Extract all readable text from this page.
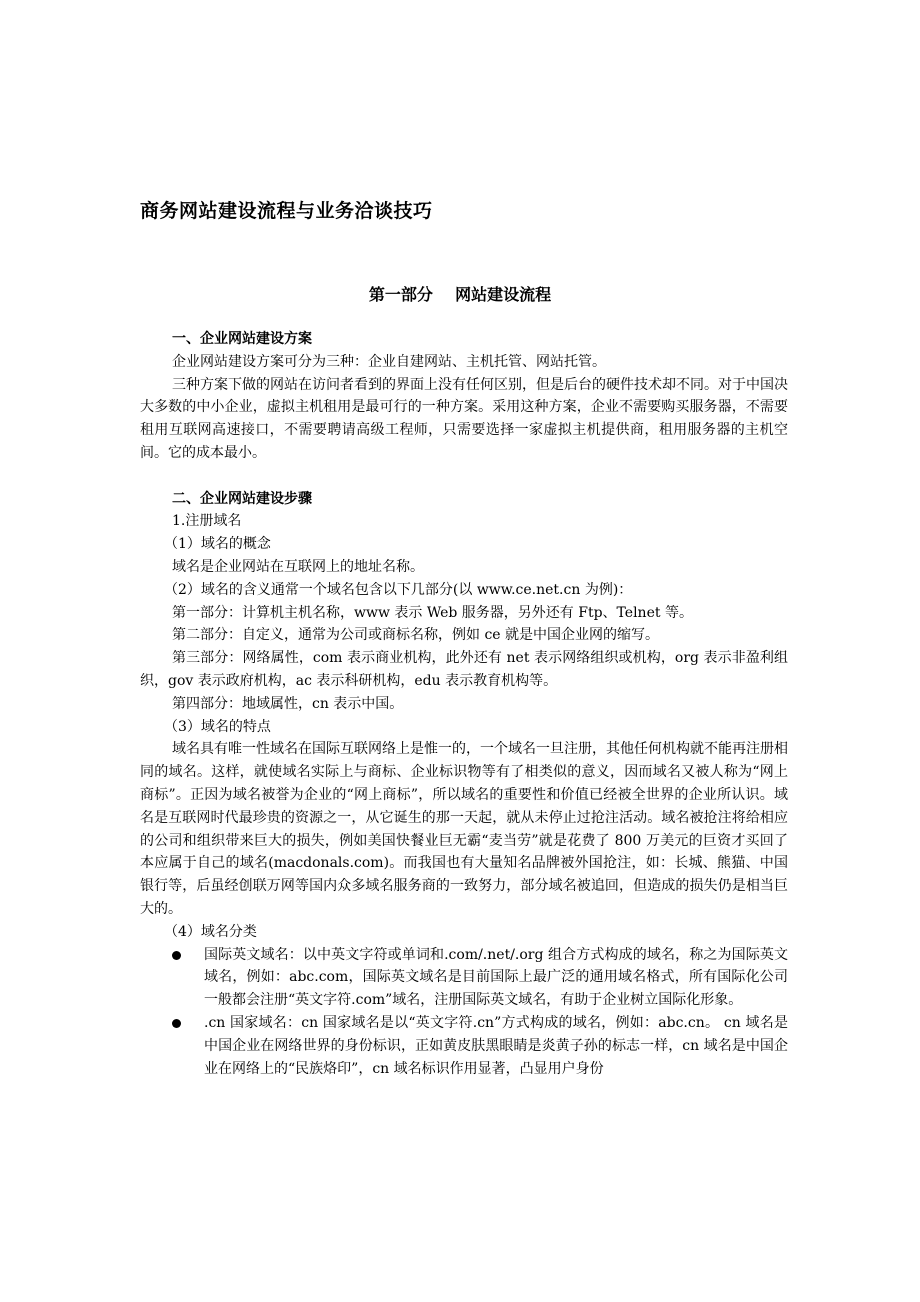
商务网站建设流程与业务洽谈技巧
第一部分    网站建设流程

一、企业网站建设方案

企业网站建设方案可分为三种：企业自建网站、主机托管、网站托管。

三种方案下做的网站在访问者看到的界面上没有任何区别，但是后台的硬件技术却不同。对于中国决大多数的中小企业，虚拟主机租用是最可行的一种方案。采用这种方案，企业不需要购买服务器，不需要租用互联网高速接口，不需要聘请高级工程师，只需要选择一家虚拟主机提供商，租用服务器的主机空间。它的成本最小。

二、企业网站建设步骤

1.注册域名

（1）域名的概念

域名是企业网站在互联网上的地址名称。

（2）域名的含义通常一个域名包含以下几部分(以 www.ce.net.cn 为例)：

第一部分：计算机主机名称，www 表示 Web 服务器，另外还有 Ftp、Telnet 等。

第二部分：自定义，通常为公司或商标名称，例如 ce 就是中国企业网的缩写。

第三部分：网络属性，com 表示商业机构，此外还有 net 表示网络组织或机构，org 表示非盈利组织，gov 表示政府机构，ac 表示科研机构，edu 表示教育机构等。

第四部分：地域属性，cn 表示中国。

（3）域名的特点

域名具有唯一性域名在国际互联网络上是惟一的，一个域名一旦注册，其他任何机构就不能再注册相同的域名。这样，就使域名实际上与商标、企业标识物等有了相类似的意义，因而域名又被人称为“网上商标”。正因为域名被誉为企业的“网上商标”，所以域名的重要性和价值已经被全世界的企业所认识。域名是互联网时代最珍贵的资源之一，从它诞生的那一天起，就从未停止过抢注活动。域名被抢注将给相应的公司和组织带来巨大的损失，例如美国快餐业巨无霸“麦当劳”就是花费了 800 万美元的巨资才买回了本应属于自己的域名(macdonals.com)。而我国也有大量知名品牌被外国抢注，如：长城、熊猫、中国银行等，后虽经创联万网等国内众多域名服务商的一致努力，部分域名被追回，但造成的损失仍是相当巨大的。

（4）域名分类

国际英文域名：以中英文字符或单词和.com/.net/.org 组合方式构成的域名，称之为国际英文域名，例如：abc.com，国际英文域名是目前国际上最广泛的通用域名格式，所有国际化公司一般都会注册“英文字符.com”域名，注册国际英文域名，有助于企业树立国际化形象。
.cn 国家域名：cn 国家域名是以“英文字符.cn”方式构成的域名，例如：abc.cn。 cn 域名是中国企业在网络世界的身份标识，正如黄皮肤黑眼睛是炎黄子孙的标志一样，cn 域名是中国企业在网络上的“民族烙印”，cn 域名标识作用显著，凸显用户身份
